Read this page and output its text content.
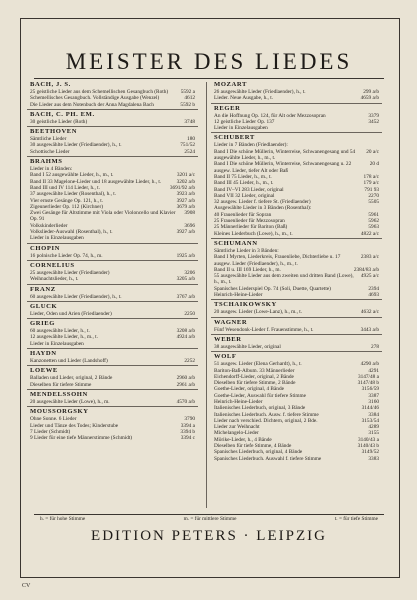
MEISTER DES LIEDES
BACH, J. S.
25 geistliche Lieder aus dem Schemellischen Gesangbuch (Roth)	5592 a
Schemellisches Gesangbuch. Vollständige Ausgabe (Wenzel)	4612
Die Lieder aus dem Notenbuch der Anna Magdalena Bach	5592 b
BACH, C. PH. EM.
30 geistliche Lieder (Roth)	3748
BEETHOVEN
Sämtliche Lieder	180
30 ausgewählte Lieder (Friedlaender), h., t.	751/52
Schottische Lieder	2524
BRAHMS
Lieder in 4 Bänden:
Band I 52 ausgewählte Lieder, h., m., t.	3201 a/c
Band II 33 Magelone-Lieder und 18 ausgewählte Lieder, h., t.	3202 a/b
Band III und IV 114 Lieder, h., t.	3691/92 a/b
37 ausgewählte Lieder (Rosenthal), h., t.	3923 a/b
Vier ernste Gesänge Op. 121, h., t.	3927 a/b
Zigeunerlieder Op. 112 (Kirchner)	3679 a/b
Zwei Gesänge für Altstimme mit Viola oder Violoncello und Klavier Op. 91
3908
Volkskinderlieder	3696
Volkslieder-Auswahl (Rosenthal), h., t.	3927 a/b
Lieder in Einzelausgaben
CHOPIN
16 polnische Lieder Op. 74, h., m.	1925 a/b
CORNELIUS
25 ausgewählte Lieder (Friedlaender)	3206
Weihnachtslieder, h., t.	3205 a/b
FRANZ
60 ausgewählte Lieder (Friedlaender), h., t.	3767 a/b
GLUCK
Lieder, Oden und Arien (Friedlaender)	2250
GRIEG
60 ausgewählte Lieder, h., t.	3208 a/b
12 ausgewählte Lieder, h., m., t.	4924 a/b
Lieder in Einzelausgaben
HAYDN
Kanzonetten und Lieder (Landshoff)	2252
LOEWE
Balladen und Lieder, original, 2 Bände	2960 a/b
Dieselben für tiefere Stimme	2961 a/b
MENDELSSOHN
20 ausgewählte Lieder (Lowe), h., m.	4570 a/b
MOUSSORGSKY
Ohne Sonne. 6 Lieder	3790
Lieder und Tänze des Todes; Kinderstube	3394 a
7 Lieder (Schmidt)	3394 b
9 Lieder für eine tiefe Männerstimme (Schmidt)	3394 c
MOZART
26 ausgewählte Lieder (Friedlaender), h., t.	299 a/b
Lieder. Neue Ausgabe, h., t.	4659 a/b
REGER
An die Hoffnung Op. 124, für Alt oder Mezzosopran	3379
12 geistliche Lieder Op. 137	3452
Lieder in Einzelausgaben
SCHUBERT
Lieder in 7 Bänden (Friedlaender):
Band I Die schöne Müllerin, Winterreise, Schwanengesang und 54 ausgewählte Lieder, h., m., t.
20 a/c
Band I Die schöne Müllerin, Winterreise, Schwanengesang u. 22 ausgew. Lieder, tiefer Alt oder Baß
20 d
Band II 75 Lieder, h., m., t.	178 a/c
Band III 45 Lieder, h., m., t.	179 a/c
Band IV–VI 283 Lieder, original	791 93
Band VII 32 Lieder, original	2270
32 ausgew. Lieder f. tiefere St. (Friedlaender)	5505
Ausgewählte Lieder in 3 Bänden (Rosenthal):
40 Frauenlieder für Sopran	5961
25 Frauenlieder für Mezzosopran	5962
25 Männerlieder für Bariton (Baß)	5963
Kleines Liederbuch (Lowe), h., m., t.	4822 a/c
SCHUMANN
Sämtliche Lieder in 3 Bänden:
Band I Myrten, Liederkreis, Frauenliebe, Dichterliebe u. 17 ausgew. Lieder (Friedlaender), h., m., t.
2383 a/c
Band II u. III 169 Lieder, h., m.	2384/83 a/b
55 ausgewählte Lieder aus dem zweiten und dritten Band (Lowe), h., m., t.
4925 a/c
Spanisches Liederspiel Op. 74 (Soli, Duette, Quartette)	2394
Heinrich-Heine-Lieder	4693
TSCHAIKOWSKY
20 ausgew. Lieder (Lowe-Lanz), h., m., t.	4632 a/c
WAGNER
Fünf Wesendonk-Lieder f. Frauenstimme, h., t.	3443 a/b
WEBER
38 ausgewählte Lieder, original	278
WOLF
51 ausgew. Lieder (Elena Gerhardt), h., t.	4290 a/b
Bariton-Baß-Album. 33 Männerlieder	4291
Eichendorff-Lieder, original, 2 Bände	3147/48 a
Dieselben für tiefere Stimme, 2 Bände	3147/48 b
Goethe-Lieder, original, 4 Bände	3156/59
Goethe-Lieder, Auswahl für tiefere Stimme	3387
Heinrich-Heine-Lieder	3160
Italienisches Liederbuch, original, 3 Bände	3144/46
Italienisches Liederbuch. Ausw. f. tiefere Stimme	3384
Lieder nach verschied. Dichtern, original, 2 Bde.	3153/54
Lieder zur Weihnacht	4289
Michelangelo-Lieder	3155
Mörike-Lieder, h., 4 Bände	3140/43 a
Dieselben für tiefe Stimme, 4 Bände	3140/43 b
Spanisches Liederbuch, original, 4 Bände	3149/52
Spanisches Liederbuch. Auswahl f. tiefere Stimme	3383
h. = für hohe Stimme	m. = für mittlere Stimme	t. = für tiefe Stimme
EDITION PETERS · LEIPZIG
CV
